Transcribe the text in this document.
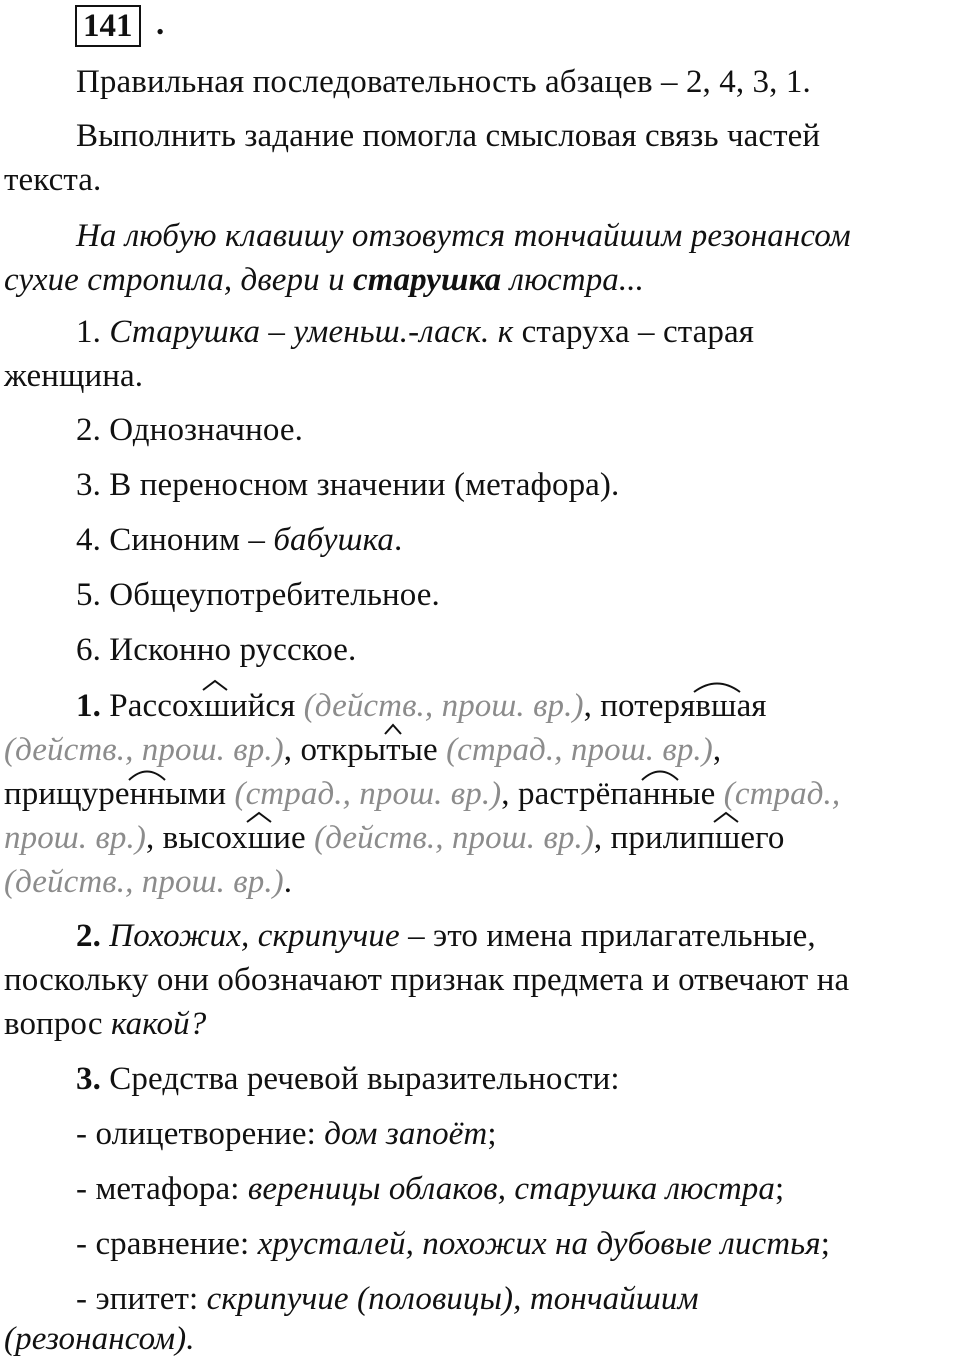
141 .
Правильная последовательность абзацев – 2, 4, 3, 1.
Выполнить задание помогла смысловая связь частей
текста.
На любую клавишу отзовутся тончайшим резонансом
сухие стропила, двери и старушка люстра...
1. Старушка – уменьш.-ласк. к старуха – старая
женщина.
2. Однозначное.
3. В переносном значении (метафора).
4. Синоним – бабушка.
5. Общеупотребительное.
6. Исконно русское.
1. Рассохш
ийся (действ., прош. вр.), потерявш
ая
(действ., прош. вр.), открыт
ые (страд., прош. вр.),
прищуренн
ыми (страд., прош. вр.), растрёпанн
ые (страд.,
прош. вр.), высохш
ие (действ., прош. вр.), прилипш
его
(действ., прош. вр.).
2. Похожих, скрипучие – это имена прилагательные,
поскольку они обозначают признак предмета и отвечают на
вопрос какой?
3. Средства речевой выразительности:
- олицетворение: дом запоёт;
- метафора: вереницы облаков, старушка люстра;
- сравнение: хрусталей, похожих на дубовые листья;
- эпитет: скрипучие (половицы), тончайшим
(резонансом).
